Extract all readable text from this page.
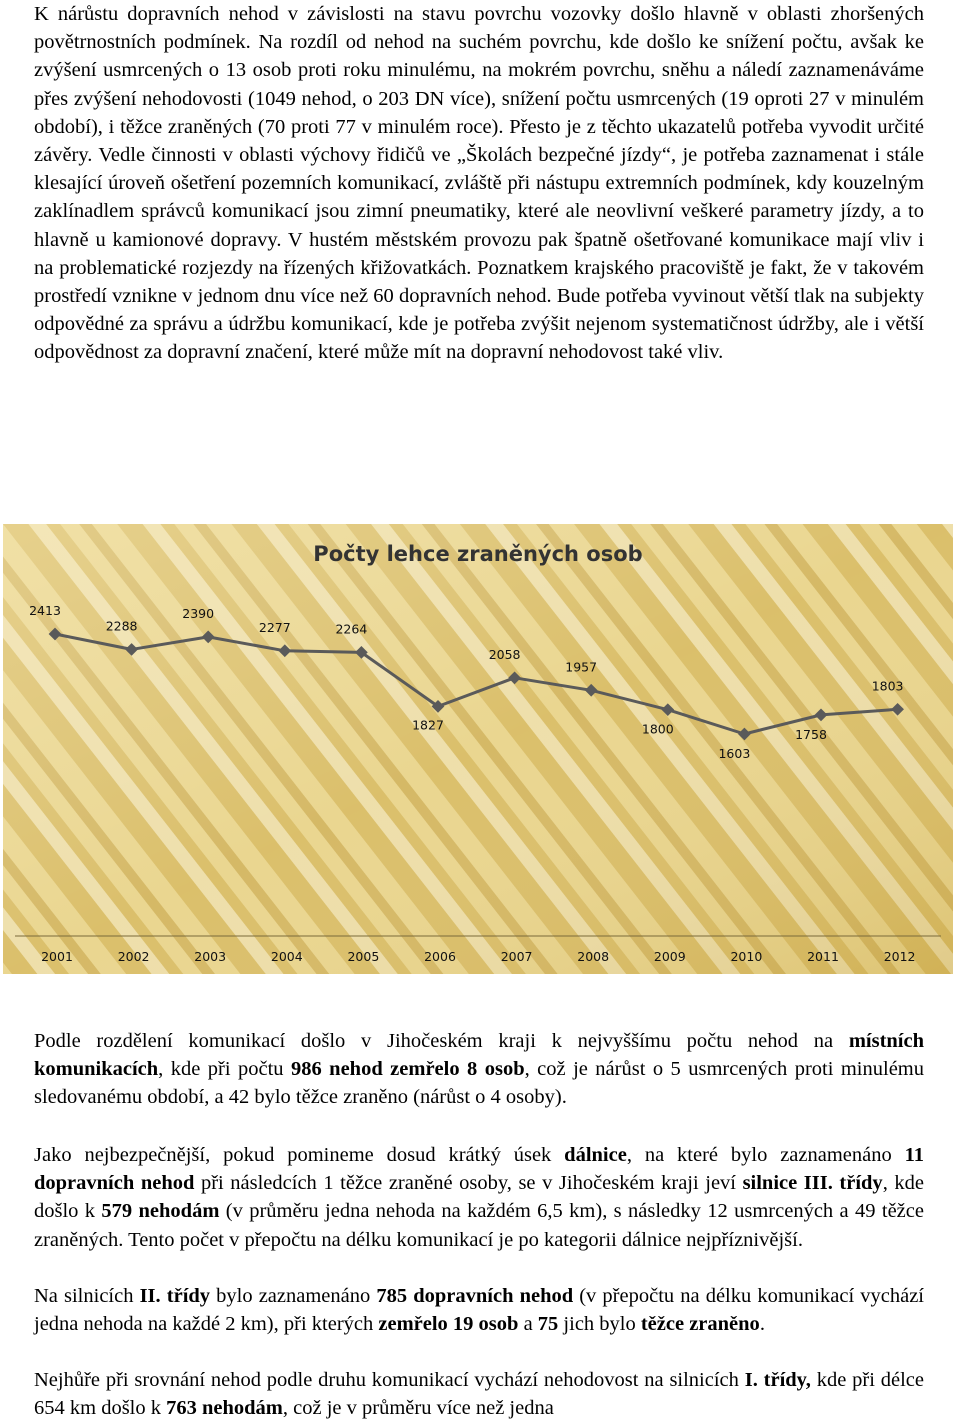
K nárůstu dopravních nehod v závislosti na stavu povrchu vozovky došlo hlavně v oblasti zhoršených povětrnostních podmínek. Na rozdíl od nehod na suchém povrchu, kde došlo ke snížení počtu, avšak ke zvýšení usmrcených o 13 osob proti roku minulému, na mokrém povrchu, sněhu a náledí zaznamenáváme přes zvýšení nehodovosti (1049 nehod, o 203 DN více), snížení počtu usmrcených (19 oproti 27 v minulém období), i těžce zraněných (70 proti 77 v minulém roce). Přesto je z těchto ukazatelů potřeba vyvodit určité závěry. Vedle činnosti v oblasti výchovy řidičů ve „Školách bezpečné jízdy“, je potřeba zaznamenat i stále klesající úroveň ošetření pozemních komunikací, zvláště při nástupu extremních podmínek, kdy kouzelným zaklínadlem správců komunikací jsou zimní pneumatiky, které ale neovlivní veškeré parametry jízdy, a to hlavně u kamionové dopravy. V hustém městském provozu pak špatně ošetřované komunikace mají vliv i na problematické rozjezdy na řízených křižovatkách. Poznatkem krajského pracoviště je fakt, že v takovém prostředí vznikne v jednom dnu více než 60 dopravních nehod. Bude potřeba vyvinout větší tlak na subjekty odpovědné za správu a údržbu komunikací, kde je potřeba zvýšit nejenom systematičnost údržby, ale i větší odpovědnost za dopravní značení, které může mít na dopravní nehodovost také vliv.

Počty lehce zraněných osob
2413
2288
2390
2277	2264
1827
2058
1957
1800
1603
1758
1803
2001	2002	2003	2004	2005	2006	2007	2008	2009	2010	2011	2012

Podle rozdělení komunikací došlo v Jihočeském kraji k nejvyššímu počtu nehod na místních komunikacích, kde při počtu 986 nehod zemřelo 8 osob, což je nárůst o 5 usmrcených proti minulému sledovanému období, a 42 bylo těžce zraněno (nárůst o 4 osoby).

Jako nejbezpečnější, pokud pomineme dosud krátký úsek dálnice, na které bylo zaznamenáno 11 dopravních nehod při následcích 1 těžce zraněné osoby, se v Jihočeském kraji jeví silnice III. třídy, kde došlo k 579 nehodám (v průměru jedna nehoda na každém 6,5 km), s následky 12 usmrcených a 49 těžce zraněných. Tento počet v přepočtu na délku komunikací je po kategorii dálnice nejpříznivější.

Na silnicích II. třídy bylo zaznamenáno 785 dopravních nehod (v přepočtu na délku komunikací vychází jedna nehoda na každé 2 km), při kterých zemřelo 19 osob a 75 jich bylo těžce zraněno.

Nejhůře při srovnání nehod podle druhu komunikací vychází nehodovost na silnicích I. třídy, kde při délce 654 km došlo k 763 nehodám, což je v průměru více než jedna
